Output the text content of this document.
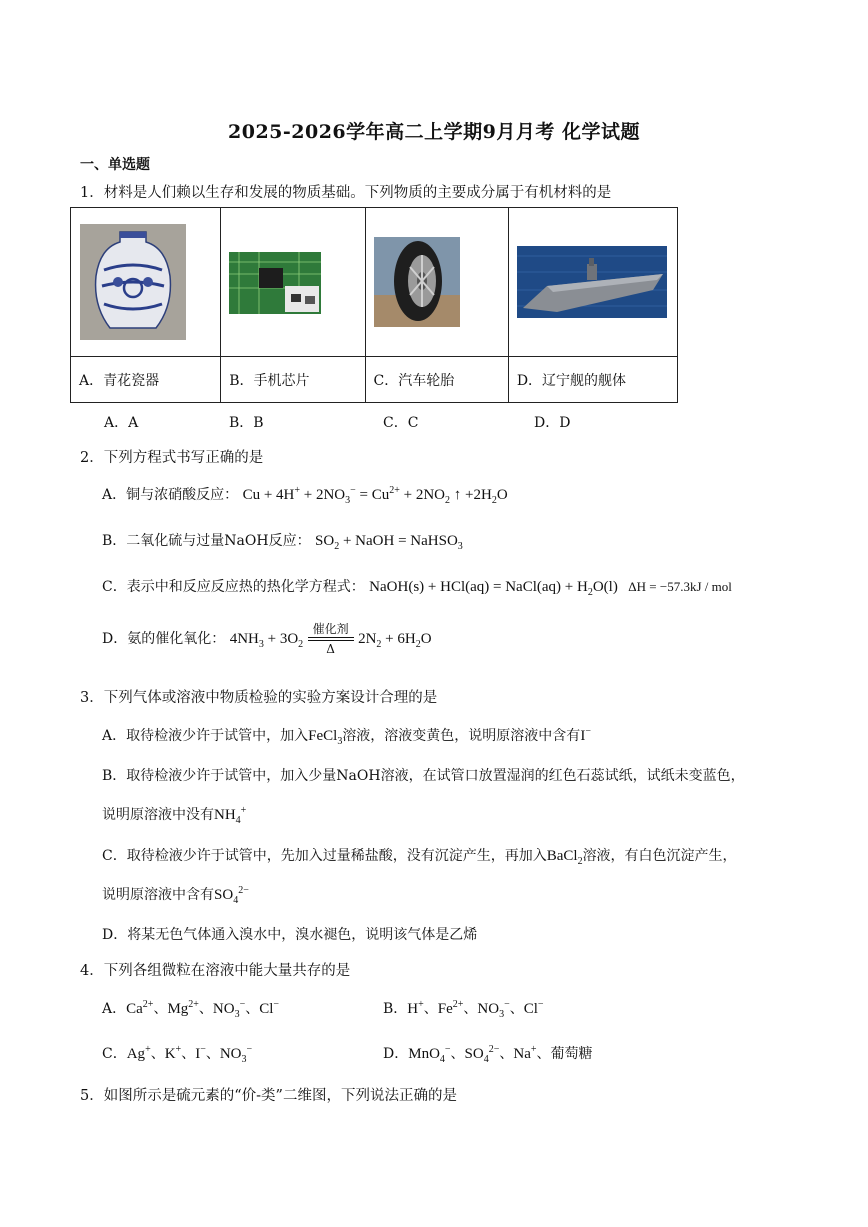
2025-2026学年高二上学期9月月考 化学试题
一、单选题
1．材料是人们赖以生存和发展的物质基础。下列物质的主要成分属于有机材料的是

A．青花瓷器	B．手机芯片	C．汽车轮胎	D．辽宁舰的舰体
A．A	B．B	C．C	D．D
2．下列方程式书写正确的是
A．铜与浓硝酸反应： $Cu + 4H^+ + 2NO_3^- = Cu^{2+} + 2NO_2$ ↑ $+2H_2O$
B．二氧化硫与过量NaOH反应： $SO_2$ + NaOH = NaHSO$_3$
C．表示中和反应反应热的热化学方程式： NaOH(s) + HCl(aq) = NaCl(aq) + $H_2O(l) \Delta H = -57.3kJ$ / mol
D．氨的催化氧化： $4NH_3 + 3O_2$
催化剂
Δ
$2N_2 + 6H_2O$
3．下列气体或溶液中物质检验的实验方案设计合理的是
A．取待检液少许于试管中，加入FeCl$_3$溶液，溶液变黄色，说明原溶液中含有I−
B．取待检液少许于试管中，加入少量NaOH溶液，在试管口放置湿润的红色石蕊试纸，试纸未变蓝色，
说明原溶液中没有$NH_4^+$
C．取待检液少许于试管中，先加入过量稀盐酸，没有沉淀产生，再加入BaCl$_2$溶液，有白色沉淀产生，
说明原溶液中含有$SO_4^{2-}$
D．将某无色气体通入溴水中，溴水褪色，说明该气体是乙烯
4．下列各组微粒在溶液中能大量共存的是
A．$Ca^{2+}$、$Mg^{2+}$、$NO_3^-$、Cl−	B．H+、$Fe^{2+}$、$NO_3^-$、Cl−
C．Ag+、K+、I−、$NO_3^-$	D．MnO$_4$−、$SO_4^{2-}$、Na+、葡萄糖
5．如图所示是硫元素的“价-类”二维图，下列说法正确的是
